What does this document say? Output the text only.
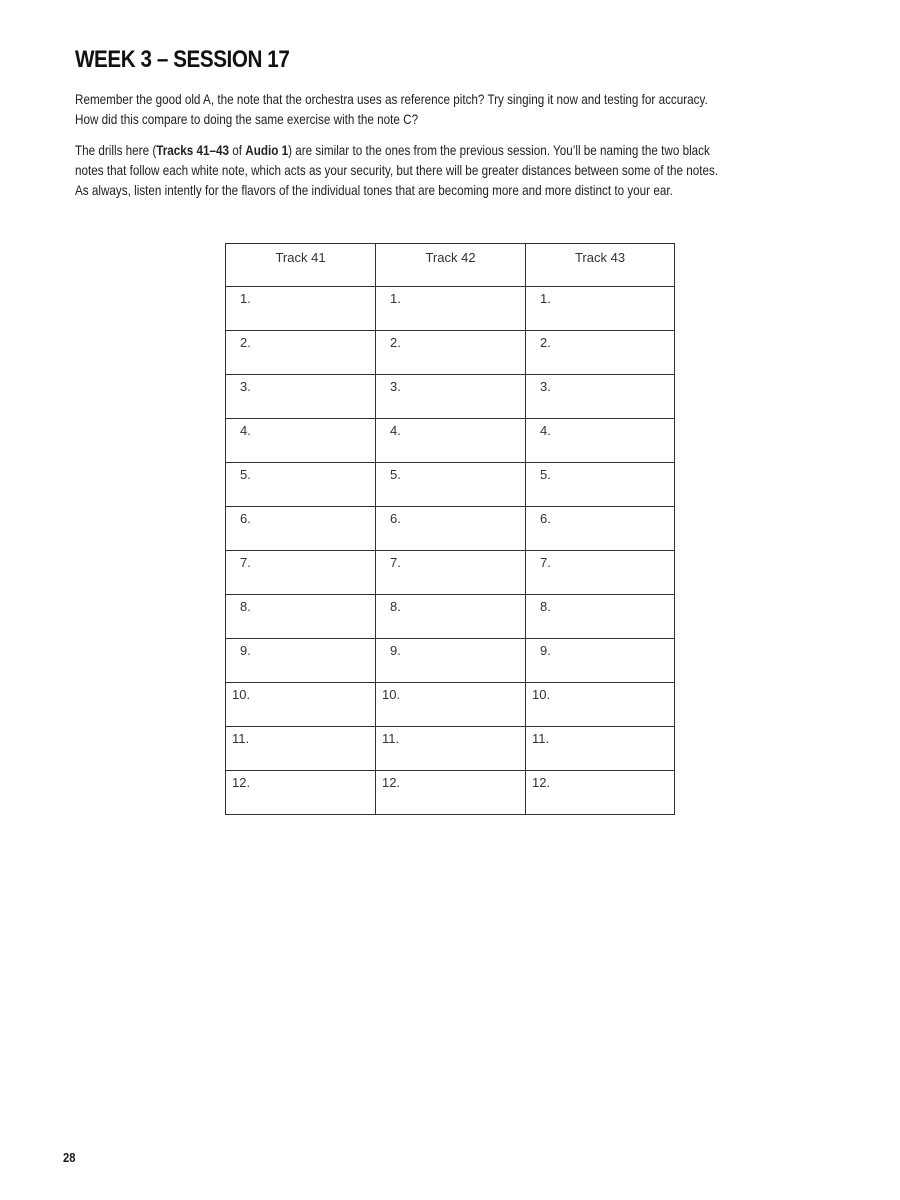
WEEK 3 – SESSION 17
Remember the good old A, the note that the orchestra uses as reference pitch? Try singing it now and testing for accuracy.
How did this compare to doing the same exercise with the note C?
The drills here (Tracks 41–43 of Audio 1) are similar to the ones from the previous session. You’ll be naming the two black
notes that follow each white note, which acts as your security, but there will be greater distances between some of the notes.
As always, listen intently for the flavors of the individual tones that are becoming more and more distinct to your ear.
Track 41	Track 42	Track 43
1.	1.	1.
2.	2.	2.
3.	3.	3.
4.	4.	4.
5.	5.	5.
6.	6.	6.
7.	7.	7.
8.	8.	8.
9.	9.	9.
10.	10.	10.
11.	11.	11.
12.	12.	12.
28
